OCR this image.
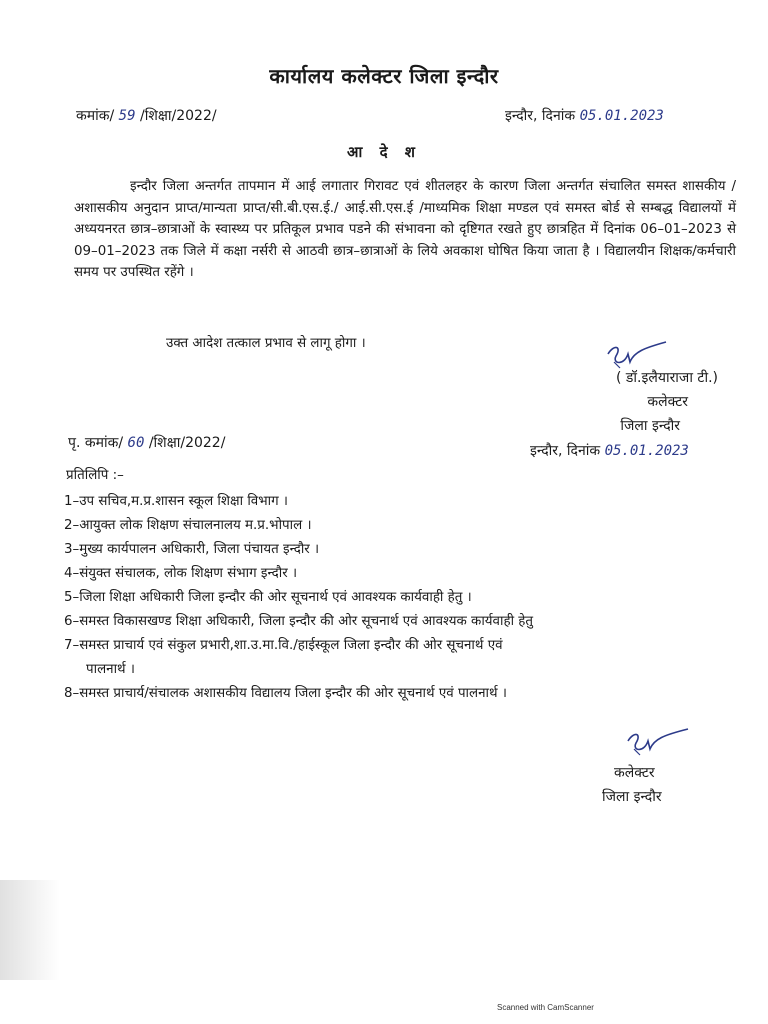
कार्यालय कलेक्टर जिला इन्दौर
कमांक/ 59 /शिक्षा/2022/	इन्दौर, दिनांक 05.01.2023
आ दे श

इन्दौर जिला अन्तर्गत तापमान में आई लगातार गिरावट एवं शीतलहर के कारण जिला अन्तर्गत संचालित समस्त शासकीय /अशासकीय अनुदान प्राप्त/मान्यता प्राप्त/सी.बी.एस.ई./ आई.सी.एस.ई /माध्यमिक शिक्षा मण्डल एवं समस्त बोर्ड से सम्बद्ध विद्यालयों में अध्ययनरत छात्र–छात्राओं के स्वास्थ्य पर प्रतिकूल प्रभाव पडने की संभावना को दृष्टिगत रखते हुए छात्रहित में दिनांक 06–01–2023 से 09–01–2023 तक जिले में कक्षा नर्सरी से आठवी छात्र–छात्राओं के लिये अवकाश घोषित किया जाता है । विद्यालयीन शिक्षक/कर्मचारी समय पर उपस्थित रहेंगे ।

उक्त आदेश तत्काल प्रभाव से लागू होगा ।
( डॉ.इलैयाराजा टी.)
कलेक्टर
जिला इन्दौर
पृ. कमांक/ 60 /शिक्षा/2022/	इन्दौर, दिनांक 05.01.2023
प्रतिलिपि :–
1–उप सचिव,म.प्र.शासन स्कूल शिक्षा विभाग ।
2–आयुक्त लोक शिक्षण संचालनालय म.प्र.भोपाल ।
3–मुख्य कार्यपालन अधिकारी, जिला पंचायत इन्दौर ।
4–संयुक्त संचालक, लोक शिक्षण संभाग इन्दौर ।
5–जिला शिक्षा अधिकारी जिला इन्दौर की ओर सूचनार्थ एवं आवश्यक कार्यवाही हेतु ।
6–समस्त विकासखण्ड शिक्षा अधिकारी, जिला इन्दौर की ओर सूचनार्थ एवं आवश्यक कार्यवाही हेतु
7–समस्त प्राचार्य एवं संकुल प्रभारी,शा.उ.मा.वि./हाईस्कूल जिला इन्दौर की ओर सूचनार्थ एवं
पालनार्थ ।
8–समस्त प्राचार्य/संचालक अशासकीय विद्यालय जिला इन्दौर की ओर सूचनार्थ एवं पालनार्थ ।
कलेक्टर
जिला इन्दौर
Scanned with CamScanner
